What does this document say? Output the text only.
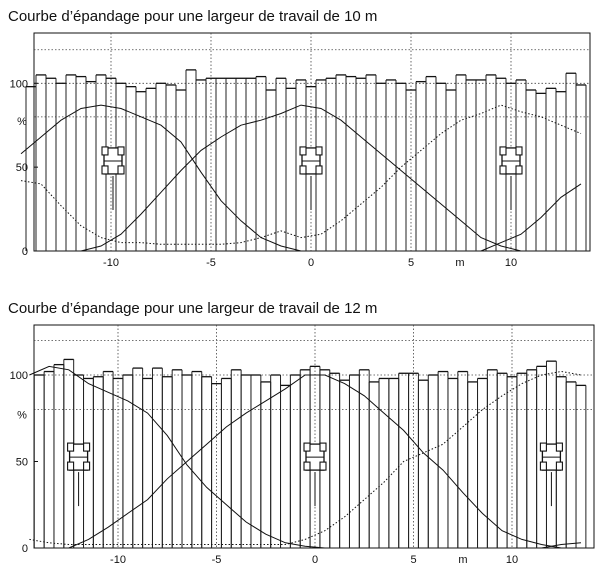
Courbe d’épandage pour une largeur de travail de 10 m
0
50
100
%
-10	-5	0	5	10
m
Courbe d’épandage pour une largeur de travail de 12 m
0
50
100
%
-10	-5	0	5	10
m
